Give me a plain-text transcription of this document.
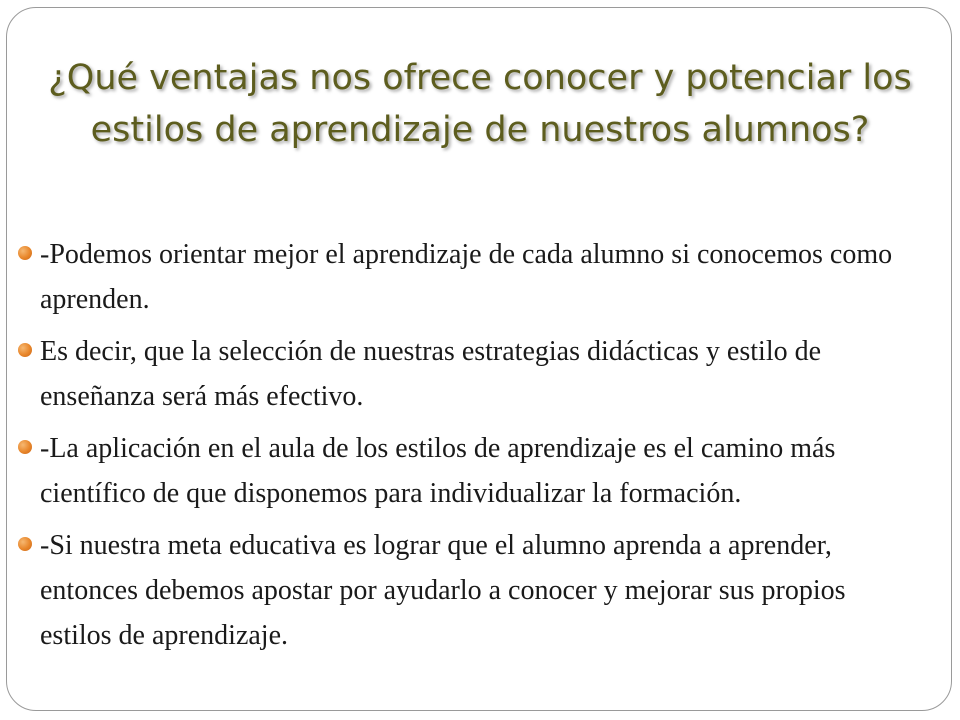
¿Qué ventajas nos ofrece conocer y potenciar los estilos de aprendizaje de nuestros alumnos?
-Podemos orientar mejor el aprendizaje de cada alumno si conocemos como aprenden.
Es decir, que la selección de nuestras estrategias didácticas y estilo de enseñanza será más efectivo.
-La aplicación en el aula de los estilos de aprendizaje es el camino más científico de que disponemos para individualizar la formación.
-Si nuestra meta educativa es lograr que el alumno aprenda a aprender, entonces debemos apostar por ayudarlo a conocer y mejorar sus propios estilos de aprendizaje.
